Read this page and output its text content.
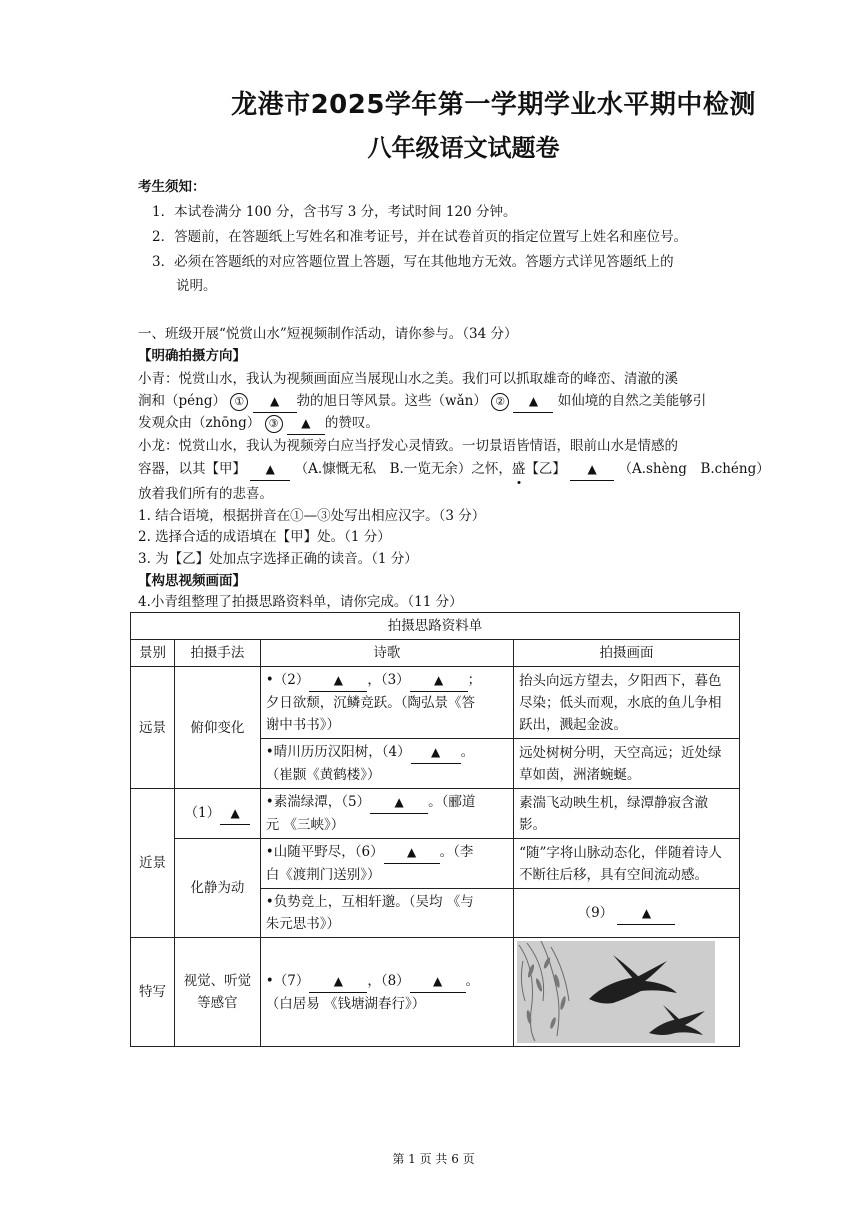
龙港市2025学年第一学期学业水平期中检测
八年级语文试题卷
考生须知：
1．本试卷满分 100 分，含书写 3 分，考试时间 120 分钟。
2．答题前，在答题纸上写姓名和准考证号，并在试卷首页的指定位置写上姓名和座位号。
3．必须在答题纸的对应答题位置上答题，写在其他地方无效。答题方式详见答题纸上的
说明。
一、班级开展“悦赏山水”短视频制作活动，请你参与。（34 分）
【明确拍摄方向】
小青：悦赏山水，我认为视频画面应当展现山水之美。我们可以抓取雄奇的峰峦、清澈的溪
涧和（péng） ① ▲ 勃的旭日等风景。这些（wǎn） ② ▲ 如仙境的自然之美能够引
发观众由（zhōng） ③ ▲ 的赞叹。
小龙：悦赏山水，我认为视频旁白应当抒发心灵情致。一切景语皆情语，眼前山水是情感的
容器，以其【甲】 ▲ （A.慷慨无私　B.一览无余）之怀，盛【乙】 ▲ （A.shèng　B.chéng）
放着我们所有的悲喜。
1. 结合语境，根据拼音在①—③处写出相应汉字。（3 分）
2. 选择合适的成语填在【甲】处。（1 分）
3. 为【乙】处加点字选择正确的读音。（1 分）
【构思视频画面】
4.小青组整理了拍摄思路资料单，请你完成。（11 分）
拍摄思路资料单			
景别	拍摄手法	诗歌	拍摄画面
远景	俯仰变化	•（2） ▲ ，（3） ▲ ；
夕日欲颓，沉鳞竞跃。（陶弘景《答
谢中书书》）	抬头向远方望去，夕阳西下，暮色尽染；低头而观，水底的鱼儿争相跃出，溅起金波。
		•晴川历历汉阳树，（4） ▲ 。
（崔颢《黄鹤楼》）	远处树树分明，天空高远；近处绿草如茵，洲渚蜿蜒。
近景	（1） ▲	•素湍绿潭，（5） ▲ 。（郦道
元 《三峡》）	素湍飞动映生机，绿潭静寂含澈影。
	化静为动	•山随平野尽，（6） ▲ 。（李
白《渡荆门送别》）	“随”字将山脉动态化，伴随着诗人不断往后移，具有空间流动感。
		•负势竞上，互相轩邈。（吴均 《与
朱元思书》）	（9） ▲
特写	视觉、听觉
等感官	•（7） ▲ ，（8） ▲ 。
（白居易 《钱塘湖春行》）	
第 1 页 共 6 页
